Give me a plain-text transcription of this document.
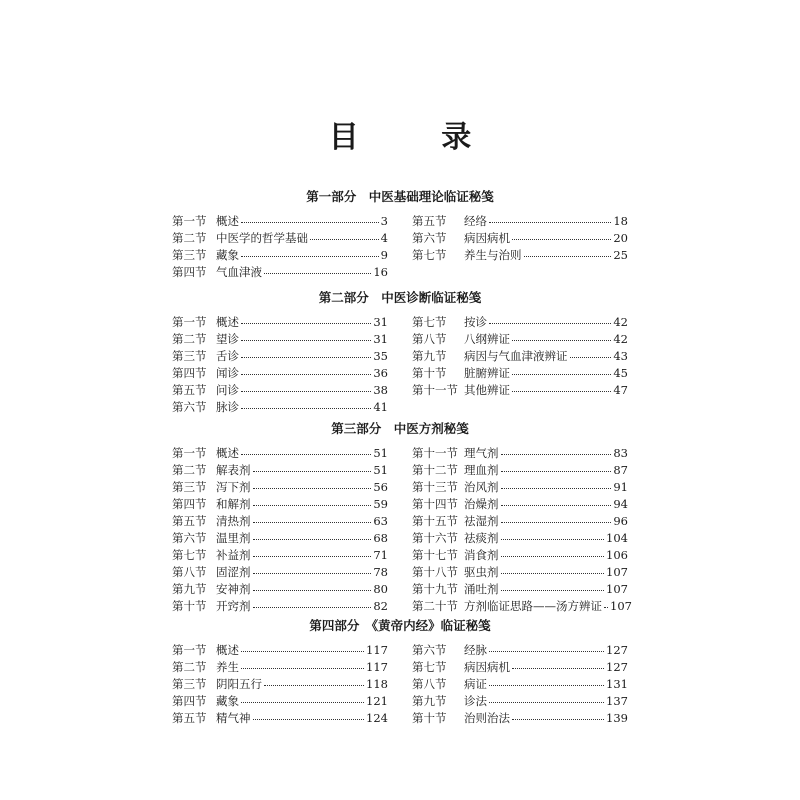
目 录
第一部分　中医基础理论临证秘笺
第一节 概述	3
第二节 中医学的哲学基础	4
第三节 藏象	9
第四节 气血津液	16
第五节	经络	18
第六节	病因病机	20
第七节	养生与治则	25
第二部分　中医诊断临证秘笺
第一节 概述	31
第二节 望诊	31
第三节 舌诊	35
第四节 闻诊	36
第五节 问诊	38
第六节 脉诊	41
第七节	按诊	42
第八节	八纲辨证	42
第九节	病因与气血津液辨证	43
第十节	脏腑辨证	45
第十一节 其他辨证	47
第三部分　中医方剂秘笺
第一节 概述	51
第二节 解表剂	51
第三节 泻下剂	56
第四节 和解剂	59
第五节 清热剂	63
第六节 温里剂	68
第七节 补益剂	71
第八节 固涩剂	78
第九节 安神剂	80
第十节 开窍剂	82
第十一节 理气剂	83
第十二节 理血剂	87
第十三节 治风剂	91
第十四节 治燥剂	94
第十五节 祛湿剂	96
第十六节 祛痰剂	104
第十七节 消食剂	106
第十八节 驱虫剂	107
第十九节 涌吐剂	107
第二十节 方剂临证思路——汤方辨证 107
第四部分　《黄帝内经》临证秘笺
第一节 概述	117
第二节 养生	117
第三节 阴阳五行	118
第四节 藏象	121
第五节 精气神	124
第六节	经脉	127
第七节	病因病机	127
第八节	病证	131
第九节	诊法	137
第十节	治则治法	139
